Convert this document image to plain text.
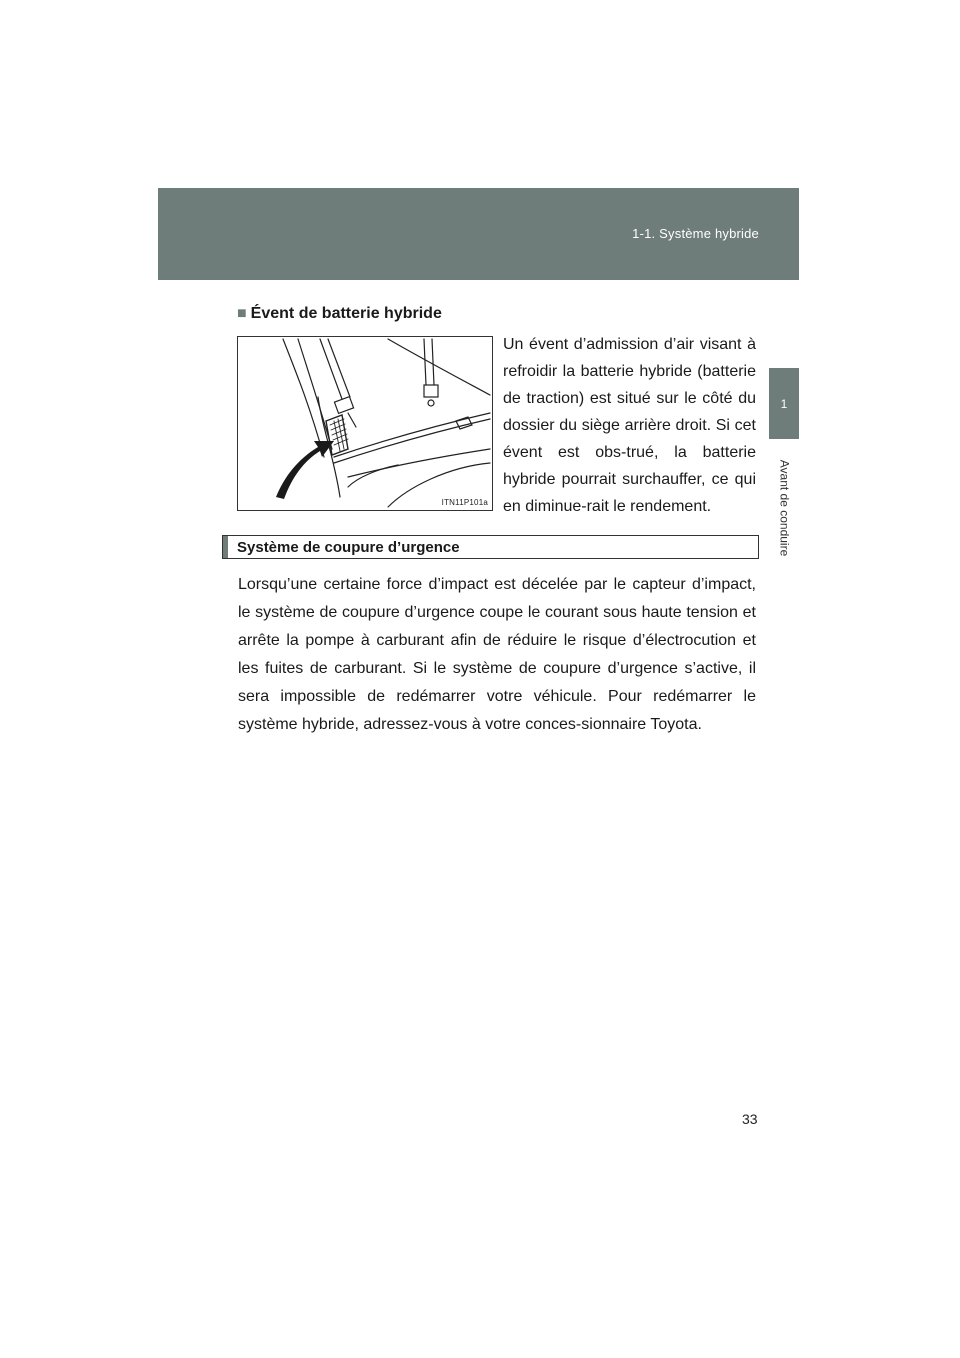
1-1. Système hybride
1
Avant de conduire
■ Évent de batterie hybride
ITN11P101a
Un évent d’admission d’air visant à refroidir la batterie hybride (batterie de traction) est situé sur le côté du dossier du siège arrière droit. Si cet évent est obs-trué, la batterie hybride pourrait surchauffer, ce qui en diminue-rait le rendement.
Système de coupure d’urgence
Lorsqu’une certaine force d’impact est décelée par le capteur d’impact, le système de coupure d’urgence coupe le courant sous haute tension et arrête la pompe à carburant afin de réduire le risque d’électrocution et les fuites de carburant. Si le système de coupure d’urgence s’active, il sera impossible de redémarrer votre véhicule. Pour redémarrer le système hybride, adressez-vous à votre conces-sionnaire Toyota.
33
